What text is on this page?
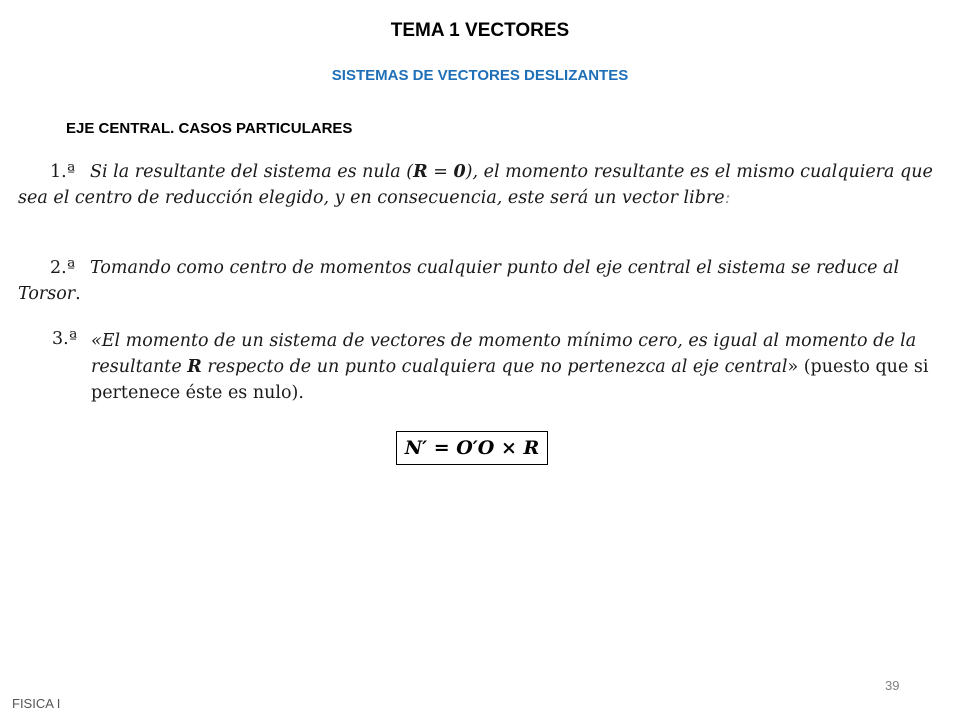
TEMA 1 VECTORES
SISTEMAS DE VECTORES DESLIZANTES
EJE CENTRAL. CASOS PARTICULARES
1.ª Si la resultante del sistema es nula (R = 0), el momento resultante es el mismo cualquiera que sea el centro de reducción elegido, y en consecuencia, este será un vector libre:
2.ª Tomando como centro de momentos cualquier punto del eje central el sistema se reduce al Torsor.
3.ª «El momento de un sistema de vectores de momento mínimo cero, es igual al momento de la resultante R respecto de un punto cualquiera que no pertenezca al eje central» (puesto que si pertenece éste es nulo).
N′ = O′O × R
39
FISICA I
